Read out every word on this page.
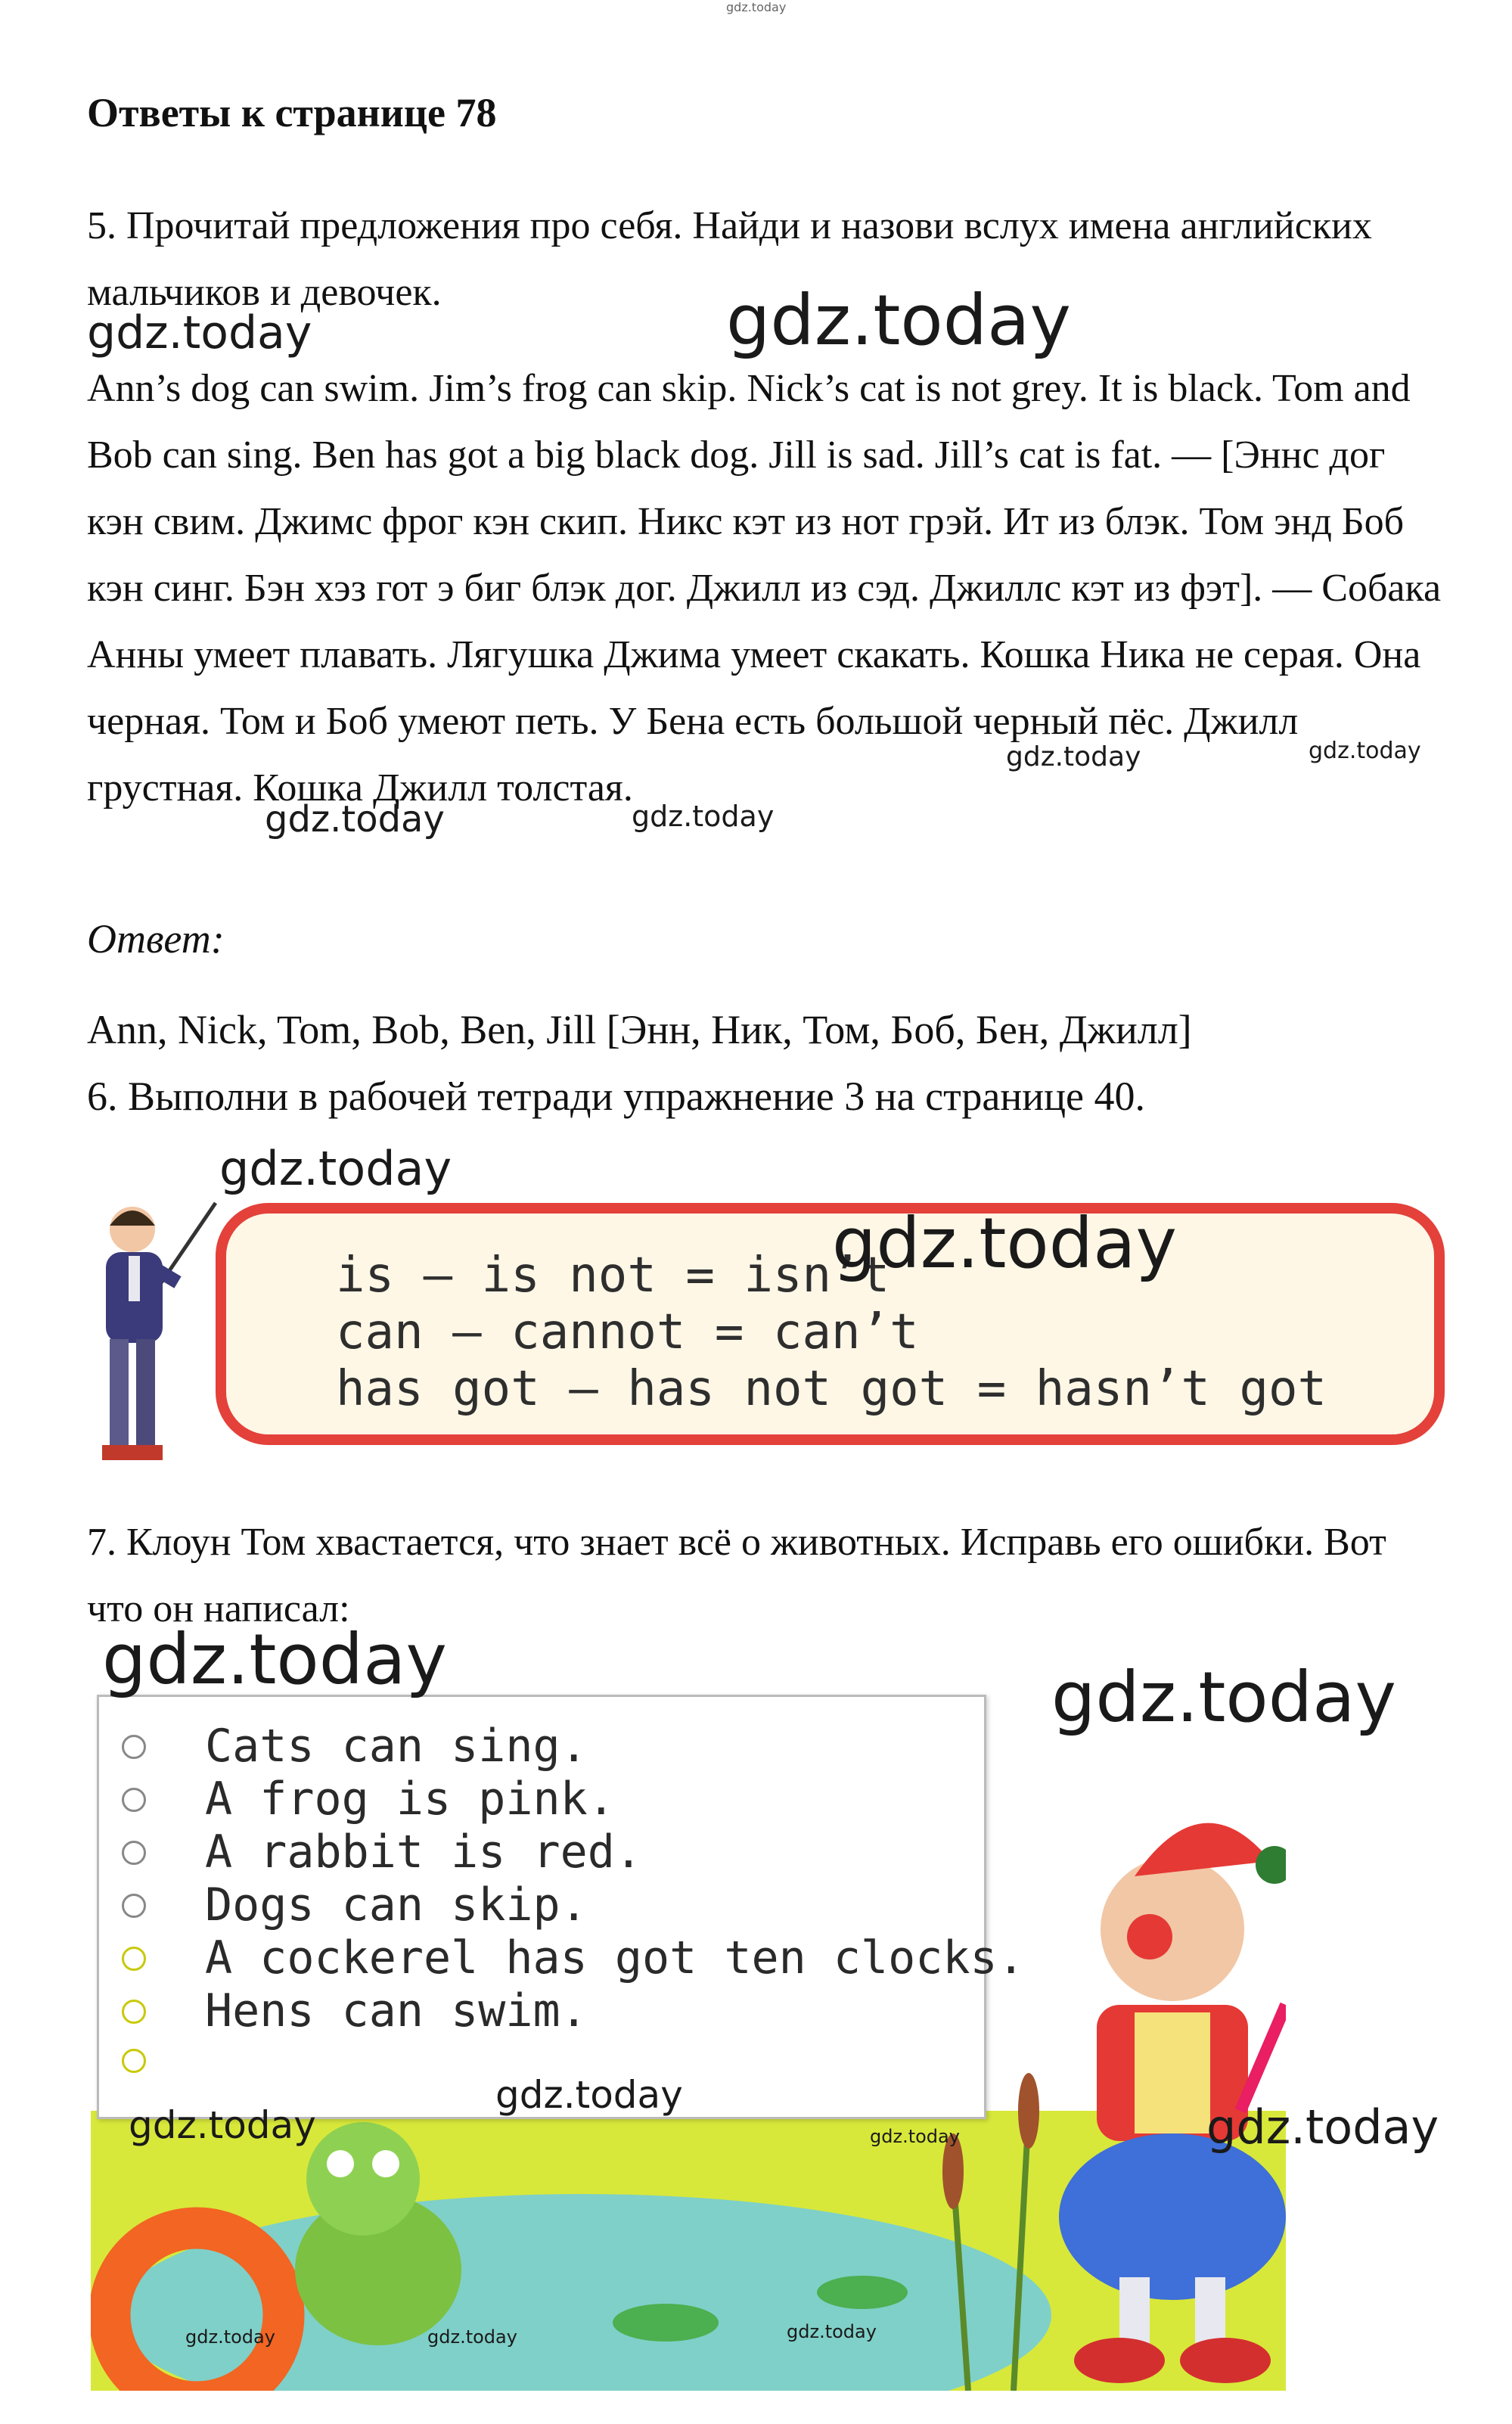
gdz.today
Ответы к странице 78

5. Прочитай предложения про себя. Найди и назови вслух имена английских мальчиков и девочек.

Ann’s dog can swim. Jim’s frog can skip. Nick’s cat is not grey. It is black. Tom and Bob can sing. Ben has got a big black dog. Jill is sad. Jill’s cat is fat. — [Эннс дог кэн свим. Джимс фрог кэн скип. Никс кэт из нот грэй. Ит из блэк. Том энд Боб кэн синг. Бэн хэз гот э биг блэк дог. Джилл из сэд. Джиллс кэт из фэт]. — Собака Анны умеет плавать. Лягушка Джима умеет скакать. Кошка Ника не серая. Она черная. Том и Боб умеют петь. У Бена есть большой черный пёс. Джилл грустная. Кошка Джилл толстая.

Ответ:
Ann, Nick, Tom, Bob, Ben, Jill [Энн, Ник, Том, Боб, Бен, Джилл]
6. Выполни в рабочей тетради упражнение 3 на странице 40.
is – is not = isn’t
can – cannot = can’t
has got – has not got = hasn’t got

7. Клоун Том хвастается, что знает всё о животных. Исправь его ошибки. Вот что он написал:

Cats can sing.
A frog is pink.
A rabbit is red.
Dogs can skip.
A cockerel has got ten clocks.
Hens can swim.
gdz.today	gdz.today
gdz.today	gdz.today
gdz.today	gdz.today
gdz.today
gdz.today
gdz.today	gdz.today
gdz.today
gdz.today	gdz.today	gdz.today
gdz.today	gdz.today	gdz.today
